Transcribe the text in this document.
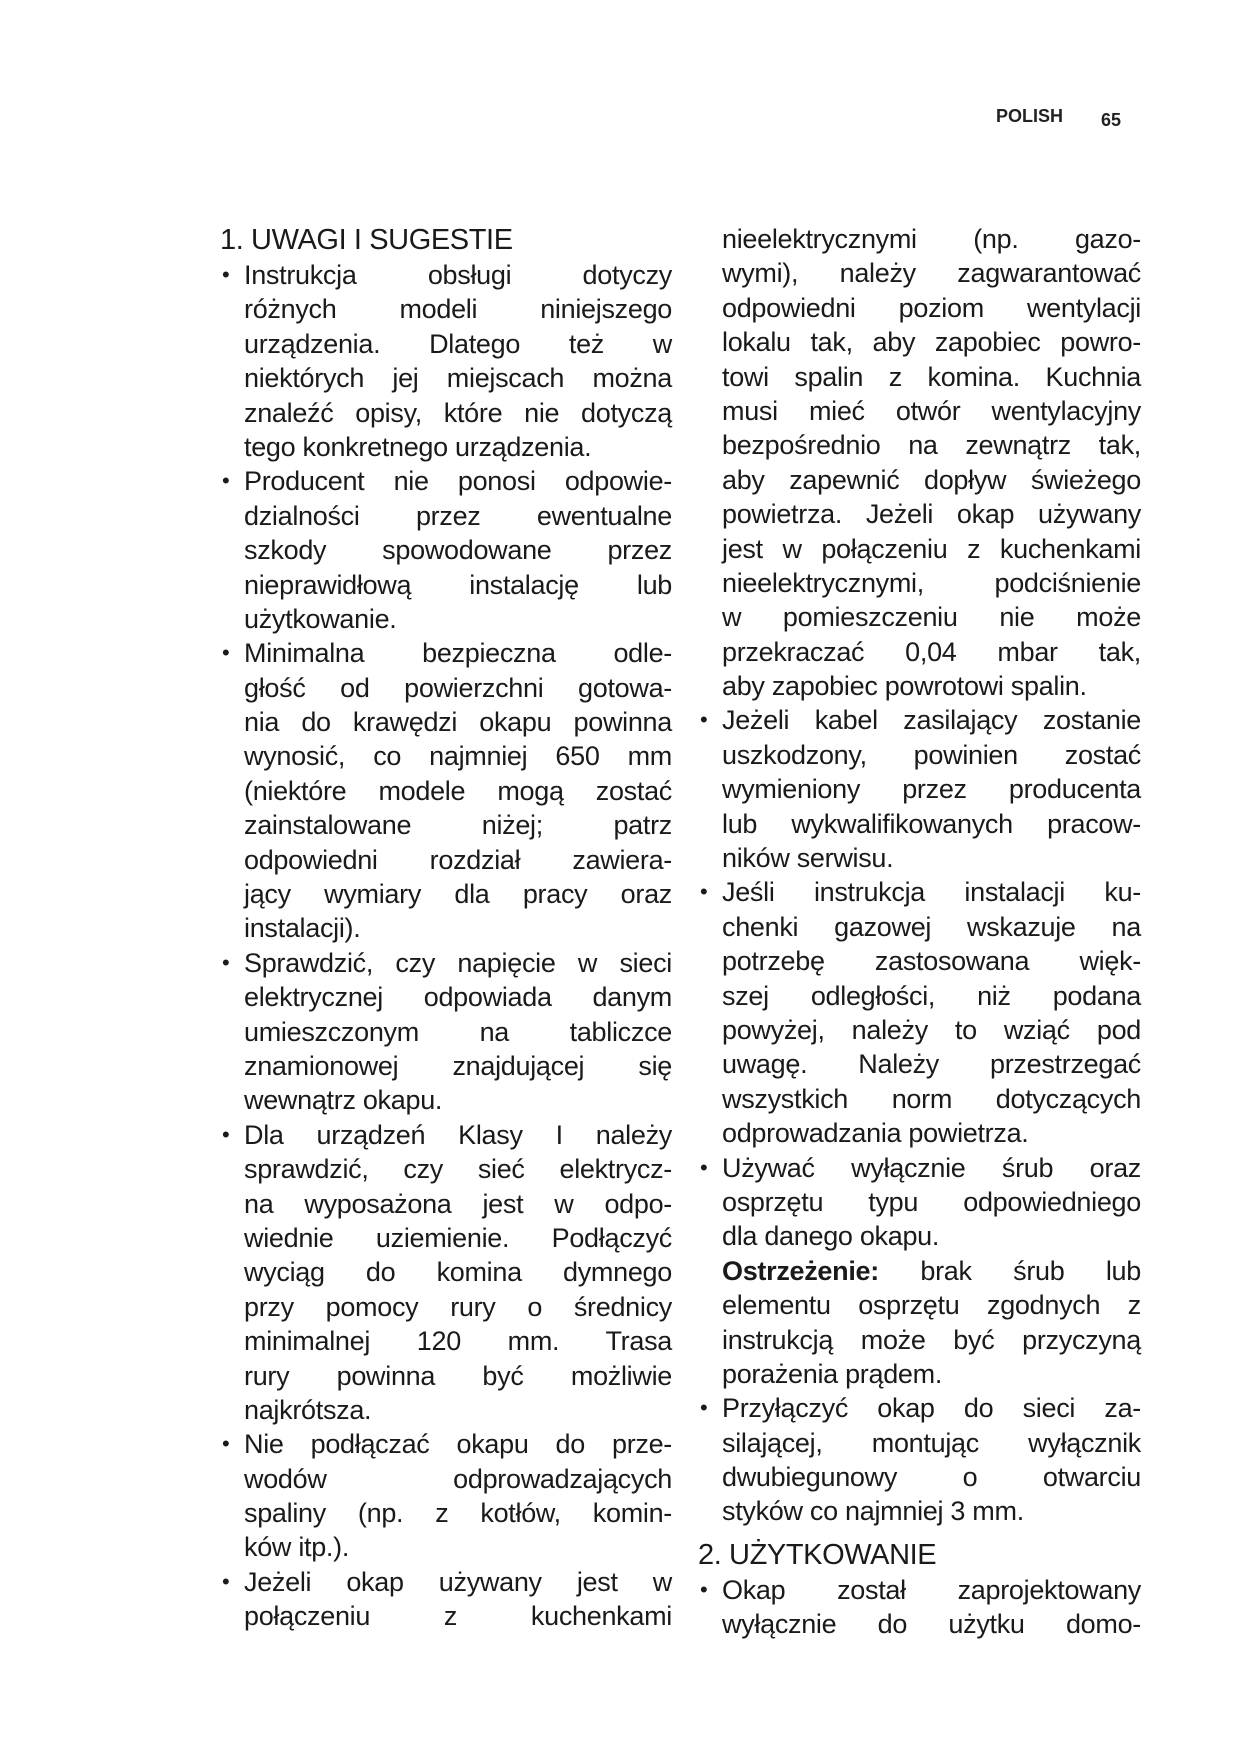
POLISH 65
1. UWAGI I SUGESTIE
Instrukcja obsługi dotyczy
•
różnych modeli niniejszego
urządzenia. Dlatego też w
niektórych jej miejscach można
znaleźć opisy, które nie dotyczą
tego konkretnego urządzenia.
Producent nie ponosi odpowie-
•
dzialności przez ewentualne
szkody spowodowane przez
nieprawidłową instalację lub
użytkowanie.
Minimalna bezpieczna odle-
•
głość od powierzchni gotowa-
nia do krawędzi okapu powinna
wynosić, co najmniej 650 mm
(niektóre modele mogą zostać
zainstalowane niżej; patrz
odpowiedni rozdział zawiera-
jący wymiary dla pracy oraz
instalacji).
Sprawdzić, czy napięcie w sieci
•
elektrycznej odpowiada danym
umieszczonym na tabliczce
znamionowej znajdującej się
wewnątrz okapu.
Dla urządzeń Klasy I należy
•
sprawdzić, czy sieć elektrycz-
na wyposażona jest w odpo-
wiednie uziemienie. Podłączyć
wyciąg do komina dymnego
przy pomocy rury o średnicy
minimalnej 120 mm. Trasa
rury powinna być możliwie
najkrótsza.
Nie podłączać okapu do prze-
•
wodów odprowadzających
spaliny (np. z kotłów, komin-
ków itp.).
Jeżeli okap używany jest w
•
połączeniu z kuchenkami
nieelektrycznymi (np. gazo-
wymi), należy zagwarantować
odpowiedni poziom wentylacji
lokalu tak, aby zapobiec powro-
towi spalin z komina. Kuchnia
musi mieć otwór wentylacyjny
bezpośrednio na zewnątrz tak,
aby zapewnić dopływ świeżego
powietrza. Jeżeli okap używany
jest w połączeniu z kuchenkami
nieelektrycznymi, podciśnienie
w pomieszczeniu nie może
przekraczać 0,04 mbar tak,
aby zapobiec powrotowi spalin.
Jeżeli kabel zasilający zostanie
•
uszkodzony, powinien zostać
wymieniony przez producenta
lub wykwalifikowanych pracow-
ników serwisu.
Jeśli instrukcja instalacji ku-
•
chenki gazowej wskazuje na
potrzebę zastosowana więk-
szej odległości, niż podana
powyżej, należy to wziąć pod
uwagę. Należy przestrzegać
wszystkich norm dotyczących
odprowadzania powietrza.
Używać wyłącznie śrub oraz
•
osprzętu typu odpowiedniego
dla danego okapu.
Ostrzeżenie: brak śrub lub
elementu osprzętu zgodnych z
instrukcją może być przyczyną
porażenia prądem.
Przyłączyć okap do sieci za-
•
silającej, montując wyłącznik
dwubiegunowy o otwarciu
styków co najmniej 3 mm.
2. UŻYTKOWANIE
Okap został zaprojektowany
•
wyłącznie do użytku domo-
